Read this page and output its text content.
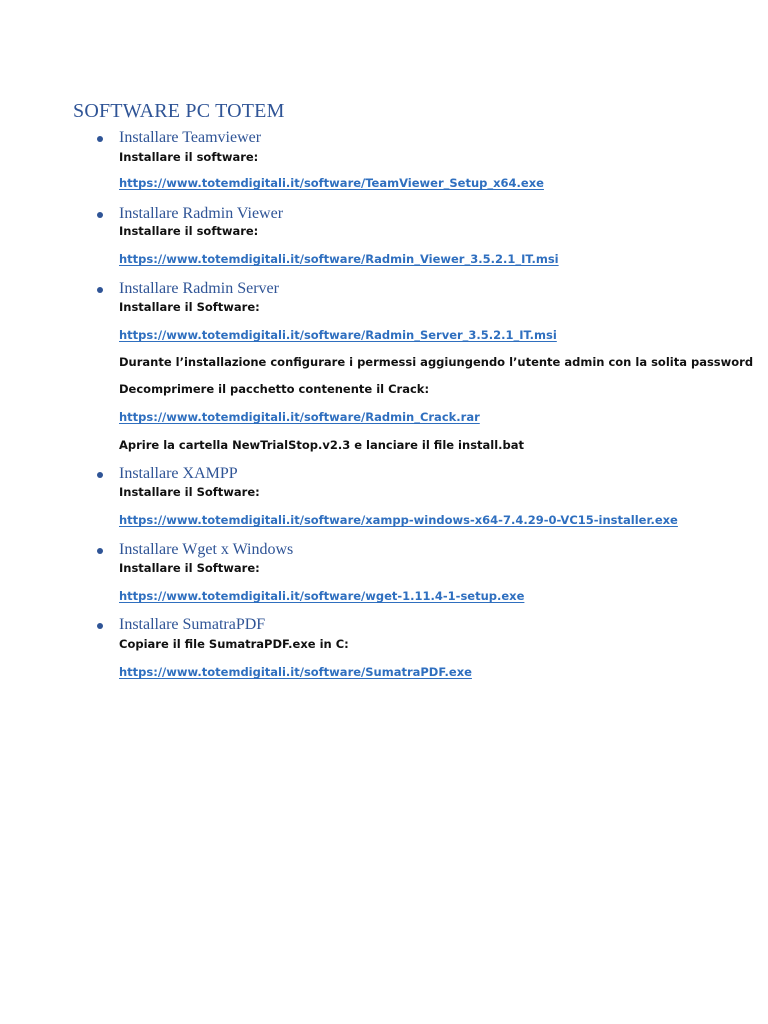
SOFTWARE PC TOTEM
Installare Teamviewer
Installare il software:
https://www.totemdigitali.it/software/TeamViewer_Setup_x64.exe
Installare Radmin Viewer
Installare il software:
https://www.totemdigitali.it/software/Radmin_Viewer_3.5.2.1_IT.msi
Installare Radmin Server
Installare il Software:
https://www.totemdigitali.it/software/Radmin_Server_3.5.2.1_IT.msi
Durante l’installazione configurare i permessi aggiungendo l’utente admin con la solita password
Decomprimere il pacchetto contenente il Crack:
https://www.totemdigitali.it/software/Radmin_Crack.rar
Aprire la cartella NewTrialStop.v2.3 e lanciare il file install.bat
Installare XAMPP
Installare il Software:
https://www.totemdigitali.it/software/xampp-windows-x64-7.4.29-0-VC15-installer.exe
Installare Wget x Windows
Installare il Software:
https://www.totemdigitali.it/software/wget-1.11.4-1-setup.exe
Installare SumatraPDF
Copiare il file SumatraPDF.exe in C:
https://www.totemdigitali.it/software/SumatraPDF.exe
